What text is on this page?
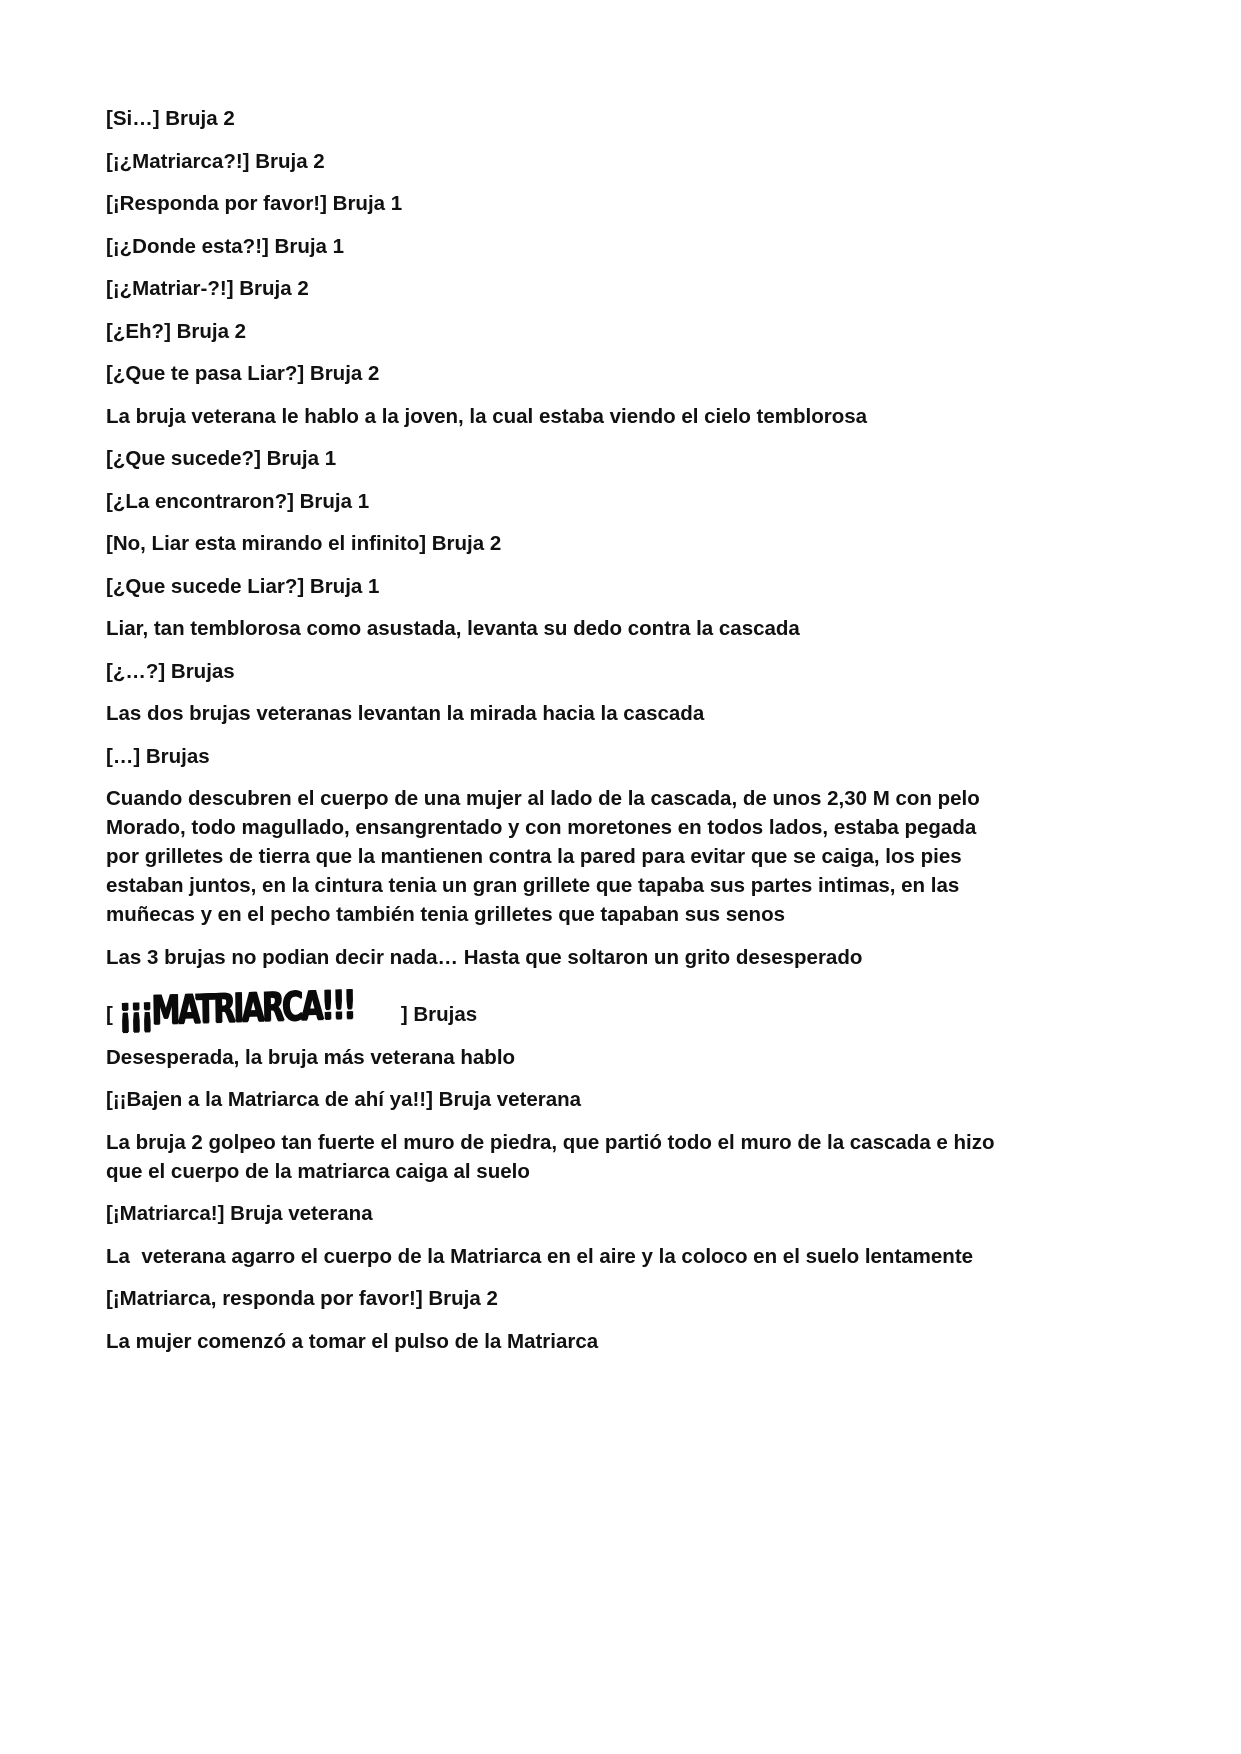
[Si…] Bruja 2

[¡¿Matriarca?!] Bruja 2

[¡Responda por favor!] Bruja 1

[¡¿Donde esta?!] Bruja 1

[¡¿Matriar-?!] Bruja 2

[¿Eh?] Bruja 2

[¿Que te pasa Liar?] Bruja 2

La bruja veterana le hablo a la joven, la cual estaba viendo el cielo temblorosa

[¿Que sucede?] Bruja 1

[¿La encontraron?] Bruja 1

[No, Liar esta mirando el infinito] Bruja 2

[¿Que sucede Liar?] Bruja 1

Liar, tan temblorosa como asustada, levanta su dedo contra la cascada

[¿…?] Brujas

Las dos brujas veteranas levantan la mirada hacia la cascada

[…] Brujas

Cuando descubren el cuerpo de una mujer al lado de la cascada, de unos 2,30 M con pelo Morado, todo magullado, ensangrentado y con moretones en todos lados, estaba pegada por grilletes de tierra que la mantienen contra la pared para evitar que se caiga, los pies estaban juntos, en la cintura tenia un gran grillete que tapaba sus partes intimas, en las muñecas y en el pecho también tenia grilletes que tapaban sus senos

Las 3 brujas no podian decir nada… Hasta que soltaron un grito desesperado

[ ¡¡¡MATRIARCA!!! ] Brujas

Desesperada, la bruja más veterana hablo

[¡¡Bajen a la Matriarca de ahí ya!!] Bruja veterana

La bruja 2 golpeo tan fuerte el muro de piedra, que partió todo el muro de la cascada e hizo que el cuerpo de la matriarca caiga al suelo

[¡Matriarca!] Bruja veterana

La  veterana agarro el cuerpo de la Matriarca en el aire y la coloco en el suelo lentamente

[¡Matriarca, responda por favor!] Bruja 2

La mujer comenzó a tomar el pulso de la Matriarca
